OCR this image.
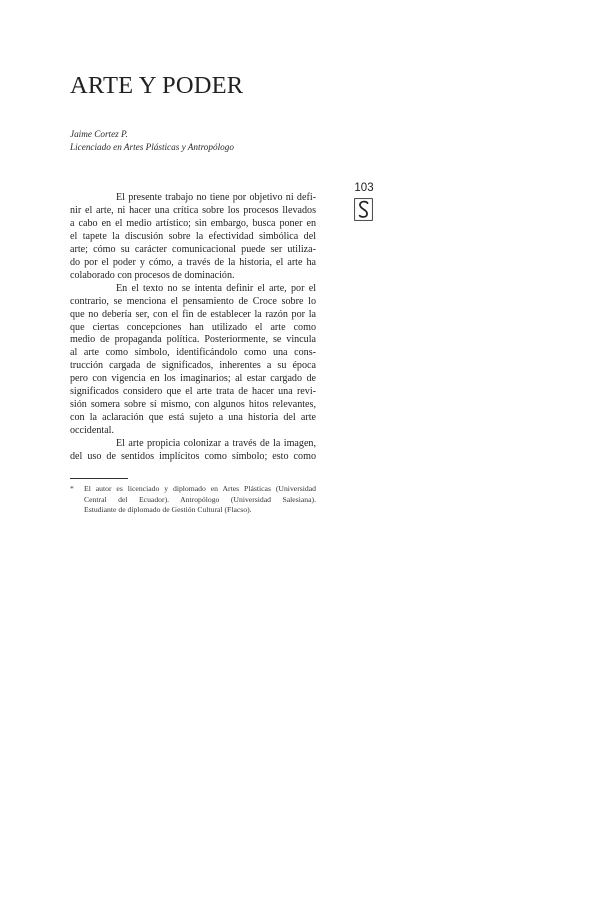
ARTE Y PODER
Jaime Cortez P.
Licenciado en Artes Plásticas y Antropólogo
103
El presente trabajo no tiene por objetivo ni defi-
nir el arte, ni hacer una crítica sobre los procesos llevados
a cabo en el medio artístico; sin embargo, busca poner en
el tapete la discusión sobre la efectividad simbólica del
arte; cómo su carácter comunicacional puede ser utiliza-
do por el poder y cómo, a través de la historia, el arte ha
colaborado con procesos de dominación.
En el texto no se intenta definir el arte, por el
contrario, se menciona el pensamiento de Croce sobre lo
que no debería ser, con el fin de establecer la razón por la
que ciertas concepciones han utilizado el arte como
medio de propaganda política. Posteriormente, se vincula
al arte como símbolo, identificándolo como una cons-
trucción cargada de significados, inherentes a su época
pero con vigencia en los imaginarios; al estar cargado de
significados considero que el arte trata de hacer una revi-
sión somera sobre sí mismo, con algunos hitos relevantes,
con la aclaración que está sujeto a una historia del arte
occidental.
El arte propicia colonizar a través de la imagen,
del uso de sentidos implícitos como símbolo; esto como
* El autor es licenciado y diplomado en Artes Plásticas (Universidad
Central del Ecuador). Antropólogo (Universidad Salesiana).
Estudiante de diplomado de Gestión Cultural (Flacso).
